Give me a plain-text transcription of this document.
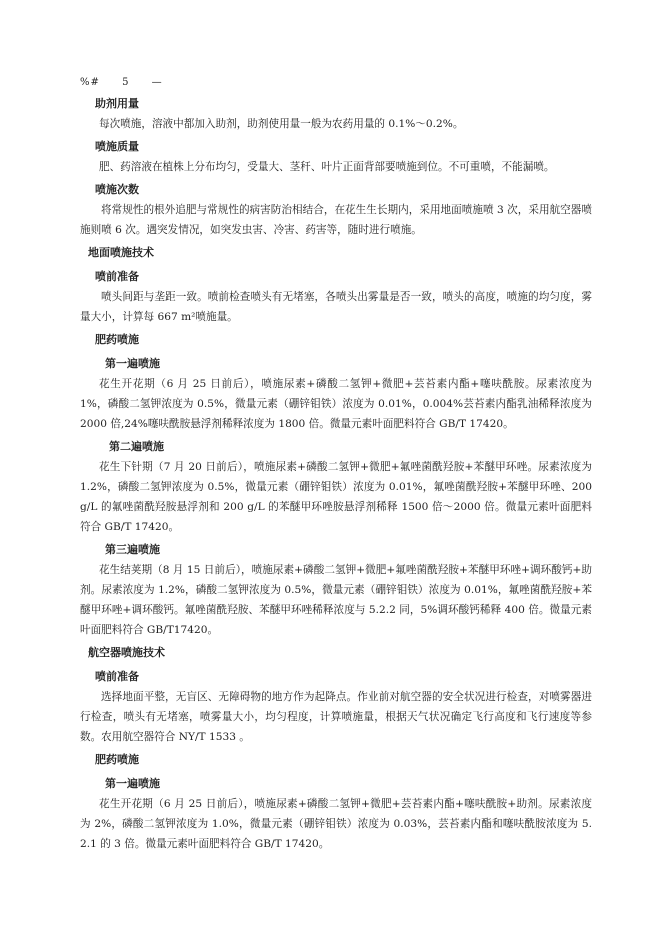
%# 5 —
助剂用量
每次喷施，溶液中都加入助剂，助剂使用量一般为农药用量的 0.1%～0.2%。
喷施质量
肥、药溶液在植株上分布均匀，受量大、茎秆、叶片正面背部要喷施到位。不可重喷，不能漏喷。
喷施次数
将常规性的根外追肥与常规性的病害防治相结合，在花生生长期内，采用地面喷施喷 3 次，采用航空器喷施则喷 6 次。遇突发情况，如突发虫害、冷害、药害等，随时进行喷施。
地面喷施技术
喷前准备
喷头间距与垄距一致。喷前检查喷头有无堵塞，各喷头出雾量是否一致，喷头的高度，喷施的均匀度，雾量大小，计算每 667 m²喷施量。
肥药喷施
第一遍喷施
花生开花期（6 月 25 日前后），喷施尿素+磷酸二氢钾+微肥+芸苔素内酯+噻呋酰胺。尿素浓度为 1%，磷酸二氢钾浓度为 0.5%，微量元素（硼锌钼铁）浓度为 0.01%，0.004%芸苔素内酯乳油稀释浓度为 2000 倍,24%噻呋酰胺悬浮剂稀释浓度为 1800 倍。微量元素叶面肥料符合 GB/T 17420。
第二遍喷施
花生下针期（7 月 20 日前后），喷施尿素+磷酸二氢钾+微肥+氟唑菌酰羟胺+苯醚甲环唑。尿素浓度为 1.2%，磷酸二氢钾浓度为 0.5%，微量元素（硼锌钼铁）浓度为 0.01%，氟唑菌酰羟胺+苯醚甲环唑、200 g/L 的氟唑菌酰羟胺悬浮剂和 200 g/L 的苯醚甲环唑胺悬浮剂稀释 1500 倍～2000 倍。微量元素叶面肥料符合 GB/T 17420。
第三遍喷施
花生结荚期（8 月 15 日前后），喷施尿素+磷酸二氢钾+微肥+氟唑菌酰羟胺+苯醚甲环唑+调环酸钙+助剂。尿素浓度为 1.2%，磷酸二氢钾浓度为 0.5%，微量元素（硼锌钼铁）浓度为 0.01%，氟唑菌酰羟胺+苯醚甲环唑+调环酸钙。氟唑菌酰羟胺、苯醚甲环唑稀释浓度与 5.2.2 同，5%调环酸钙稀释 400 倍。微量元素叶面肥料符合 GB/T17420。
航空器喷施技术
喷前准备
选择地面平整，无盲区、无障碍物的地方作为起降点。作业前对航空器的安全状况进行检查，对喷雾器进行检查，喷头有无堵塞，喷雾量大小，均匀程度，计算喷施量，根据天气状况确定飞行高度和飞行速度等参数。农用航空器符合 NY/T 1533 。
肥药喷施
第一遍喷施
花生开花期（6 月 25 日前后），喷施尿素+磷酸二氢钾+微肥+芸苔素内酯+噻呋酰胺+助剂。尿素浓度为 2%，磷酸二氢钾浓度为 1.0%，微量元素（硼锌钼铁）浓度为 0.03%，芸苔素内酯和噻呋酰胺浓度为 5.2.1 的 3 倍。微量元素叶面肥料符合 GB/T 17420。
